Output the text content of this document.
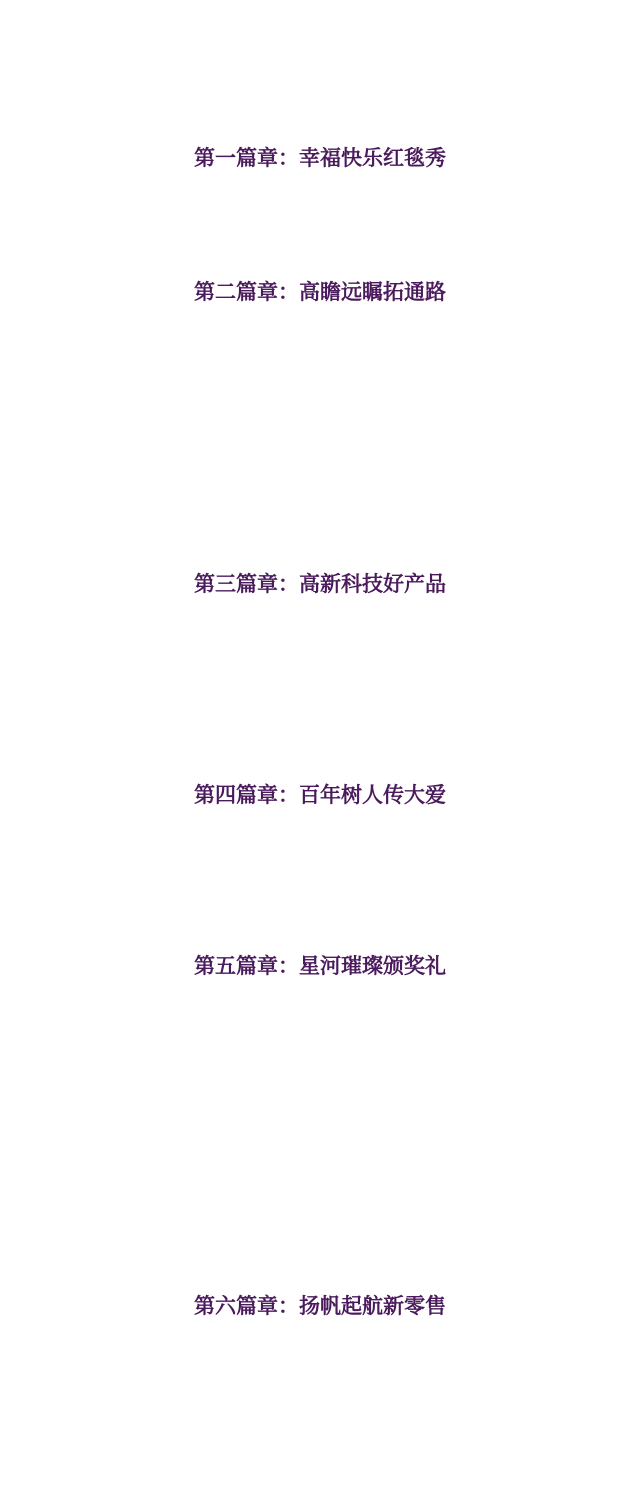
第一篇章：幸福快乐红毯秀
第二篇章：高瞻远瞩拓通路
第三篇章：高新科技好产品
第四篇章：百年树人传大爱
第五篇章：星河璀璨颁奖礼
第六篇章：扬帆起航新零售
